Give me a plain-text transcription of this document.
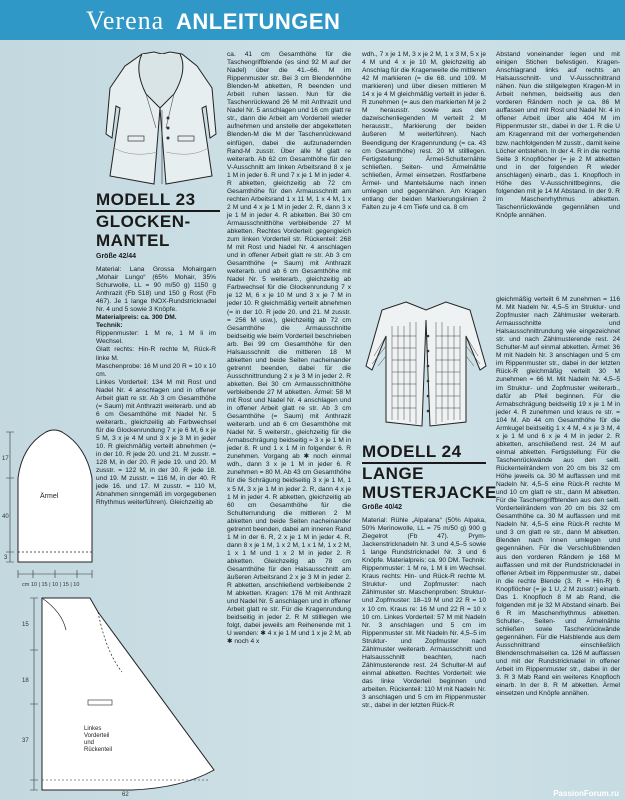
Verena ANLEITUNGEN
MODELL 23
GLOCKEN-
MANTEL
Größe 42/44

Material: Lana Grossa Mohairgarn „Mohair Lungo“ (65% Mohair, 35% Schurwolle, LL = 90 m/50 g) 1150 g Anthrazit (Fb 518) und 150 g Rost (Fb 467). Je 1 lange INOX-Rundstricknadel Nr. 4 und 5 sowie 3 Knöpfe.

Materialpreis: ca. 300 DM.

Technik:

Rippenmuster: 1 M re, 1 M li im Wechsel.

Glatt rechts: Hin-R rechte M, Rück-R linke M.

Maschenprobe: 16 M und 20 R = 10 x 10 cm.

Linkes Vorderteil: 134 M mit Rost und Nadel Nr. 4 anschlagen und in offener Arbeit glatt re str. Ab 3 cm Gesamthöhe (= Saum) mit Anthrazit weiterarb. und ab 6 cm Gesamthöhe mit Nadel Nr. 5 weiterarb., gleichzeitig ab Farbwechsel für die Glockenrundung 7 x je 6 M, 6 x je 5 M, 3 x je 4 M und 3 x je 3 M in jeder 10. R gleichmäßig verteilt abnehmen (= in der 10. R jede 20. und 21. M zusstr. = 128 M, in der 20. R jede 19. und 20. M zusstr. = 122 M, in der 30. R jede 18. und 19. M zusstr. = 116 M, in der 40. R jede 16. und 17. M zusstr. = 110 M, Abnahmen sinngemäß im vorgegebenen Rhythmus weiterführen). Gleichzeitig ab

ca. 41 cm Gesamthöhe für die Taschengriffblende (es sind 92 M auf der Nadel) über die 41.–66. M im Rippenmuster str. Bei 3 cm Blendenhöhe Blenden-M abketten, R beenden und Arbeit ruhen lassen. Nun für die Taschenrückwand 26 M mit Anthrazit und Nadel Nr. 5 anschlagen und 16 cm glatt re str., dann die Arbeit am Vorderteil wieder aufnehmen und anstelle der abgeketteten Blenden-M die M der Taschenrückwand einfügen, dabei die aufzunadernden Rand-M zusstr. Über alle M glatt re weiterarb. Ab 62 cm Gesamthöhe für den V-Ausschnitt am linken Arbeitsrand 8 x je 1 M in jeder 6. R und 7 x je 1 M in jeder 4. R abketten, gleichzeitig ab 72 cm Gesamthöhe für den Armausschnitt am rechten Arbeitsrand 1 x 11 M, 1 x 4 M, 1 x 2 M und 4 x je 1 M in jeder 2. R, dann 3 x je 1 M in jeder 4. R abketten. Bei 30 cm Armausschnitthöhe verbleibende 27 M abketten. Rechtes Vorderteil: gegengleich zum linken Vorderteil str. Rückenteil: 268 M mit Rost und Nadel Nr. 4 anschlagen und in offener Arbeit glatt re str. Ab 3 cm Gesamthöhe (= Saum) mit Anthrazit weiterarb. und ab 6 cm Gesamthöhe mit Nadel Nr. 5 weiterarb., gleichzeitig ab Farbwechsel für die Glockenrundung 7 x je 12 M, 6 x je 10 M und 3 x je 7 M in jeder 10. R gleichmäßig verteilt abnehmen (= in der 10. R jede 20. und 21. M zusstr. = 256 M usw.), gleichzeitig ab 72 cm Gesamthöhe die Armausschnitte beidseitig wie beim Vorderteil beschrieben arb. Bei 99 cm Gesamthöhe für den Halsausschnitt die mittleren 18 M abketten und beide Seiten nacheinander getrennt beenden, dabei für die Ausschnittrundung 2 x je 3 M in jeder 2. R abketten. Bei 30 cm Armausschnitthöhe verbleibende 27 M abketten. Ärmel: 58 M mit Rost und Nadel Nr. 4 anschlagen und in offener Arbeit glatt re str. Ab 3 cm Gesamthöhe (= Saum) mit Anthrazit weiterarb. und ab 6 cm Gesamthöhe mit Nadel Nr. 5 weiterstr., gleichzeitig für die Armabschrägung beidseitig ≈ 3 x je 1 M in jeder 8. R und 1 x 1 M in folgender 6. R zunehmen. Vorgang ab ✱ noch einmal wdh., dann 3 x je 1 M in jeder 6. R zunehmen = 80 M. Ab 43 cm Gesamthöhe für die Schrägung beidseitig 3 x je 1 M, 1 x 5 M, 3 x je 1 M in jeder 2. R, dann 4 x je 1 M in jeder 4. R abketten, gleichzeitig ab 60 cm Gesamthöhe für die Schulterrundung die mittleren 2 M abketten und beide Seiten nacheinander getrennt beenden, dabei am inneren Rand 1 M in der 6. R, 2 x je 1 M in jeder 4. R, dann 8 x je 1 M, 1 x 2 M, 1 x 1 M, 1 x 2 M, 1 x 1 M und 1 x 2 M in jeder 2. R abketten. Gleichzeitig ab 78 cm Gesamthöhe für den Halsausschnitt am äußeren Arbeitsrand 2 x je 3 M in jeder 2. R abketten, anschließend verbleibende 2 M abketten. Kragen: 176 M mit Anthrazit und Nadel Nr. 5 anschlagen und in offener Arbeit glatt re str. Für die Kragenrundung beidseitig in jeder 2. R M stilllegen wie folgt, dabei jeweils am Reihenende mit 1 U wenden: ✱ 4 x je 1 M und 1 x je 2 M, ab ✱ noch 4 x

wdh., 7 x je 1 M, 3 x je 2 M, 1 x 3 M, 5 x je 4 M und 4 x je 10 M, gleichzeitig ab Anschlag für die Kragenweite die mittleren 42 M markieren (= die 68. und 109. M markieren) und über diesen mittleren M 14 x je 4 M gleichmäßig verteilt in jeder 6. R zunehmen (= aus den markierten M je 2 M herausstr. sowie aus den dazwischenliegenden M verteilt 2 M herausstr., Markierung der beiden äußeren M weiterführen). Nach Beendigung der Kragenrundung (= ca. 43 cm Gesamthöhe) rest. 20 M stilllegen. Fertigstellung: Ärmel-Schulternähte schließen. Seiten- und Ärmelnähte schließen, Ärmel einsetzen. Rostfarbene Ärmel- und Mantelsäume nach innen umlegen und gegennähen. Am Kragen entlang der beiden Markierungslinien 2 Falten zu je 4 cm Tiefe und ca. 8 cm

Abstand voneinander legen und mit einigen Stichen befestigen. Kragen-Anschlagrand links auf rechts an Halsausschnitt- und V-Ausschnittrand nähen. Nun die stillgelegten Kragen-M in Arbeit nehmen, beidseitig aus den vorderen Rändern noch je ca. 86 M auffassen und mit Rost und Nadel Nr. 4 in offener Arbeit über alle 404 M im Rippenmuster str., dabei in der 1. R die U am Kragenrand mit der vorhergehenden bzw. nachfolgenden M zusstr., damit keine Löcher entstehen. In der 4. R in die rechte Seite 3 Knopflöcher (= je 2 M abketten und in der folgenden R wieder anschlagen) einarb., das 1. Knopfloch in Höhe des V-Ausschnittbeginns, die folgenden mit je 14 M Abstand. In der 9. R im Maschenrhythmus abketten. Taschenrückwände gegennähen und Knöpfe annähen.

MODELL 24
LANGE
MUSTERJACKE
Größe 40/42

Material: Rühle „Alpalana“ (50% Alpaka, 50% Merinowolle, LL = 75 m/50 g) 900 g Ziegelrot (Fb 47). Prym-Jackenstricknadeln Nr. 3 und 4,5–5 sowie 1 lange Rundstricknadel Nr. 3 und 6 Knöpfe. Materialpreis: ca. 90 DM. Technik: Rippenmuster: 1 M re, 1 M li im Wechsel. Kraus rechts: Hin- und Rück-R rechte M. Struktur- und Zopfmuster: nach Zählmuster str. Maschenproben: Struktur- und Zopfmuster: 18–19 M und 22 R = 10 x 10 cm. Kraus re: 16 M und 22 R = 10 x 10 cm. Linkes Vorderteil: 57 M mit Nadeln Nr. 3 anschlagen und 5 cm im Rippenmuster str. Mit Nadeln Nr. 4,5–5 im Struktur- und Zopfmuster nach Zählmuster weiterarb. Armausschnitt und Halsausschnitt beachten, nach Zählmusterende rest. 24 Schulter-M auf einmal abketten. Rechtes Vorderteil: wie das linke Vorderteil beginnen und arbeiten. Rückenteil: 110 M mit Nadeln Nr. 3 anschlagen und 5 cm im Rippenmuster str., dabei in der letzten Rück-R

gleichmäßig verteilt 6 M zunehmen = 116 M. Mit Nadeln Nr. 4,5–5 im Struktur- und Zopfmuster nach Zählmuster weiterarb. Armausschnitte und Halsausschnittrundung wie eingezeichnet str. und nach Zählmusterende rest. 24 Schulter-M auf einmal abketten. Ärmel: 36 M mit Nadeln Nr. 3 anschlagen und 5 cm im Rippenmuster str., dabei in der letzten Rück-R gleichmäßig verteilt 30 M zunehmen = 66 M. Mit Nadeln Nr. 4,5–5 im Struktur- und Zopfmuster weiterarb., dafür ab Pfeil beginnen. Für die Armabschrägung beidseitig 19 x je 1 M in jeder 4. R zunehmen und kraus re str. = 104 M. Ab 44 cm Gesamthöhe für die Armkugel beidseitig 1 x 4 M, 4 x je 3 M, 4 x je 1 M und 6 x je 4 M in jeder 2. R abketten, anschließend rest. 24 M auf einmal abketten. Fertigstellung: Für die Taschenrückwände aus den seitl. Rückenteilrändern von 20 cm bis 32 cm Höhe jeweils ca. 30 M auffassen und mit Nadeln Nr. 4,5–5 eine Rück-R rechte M und 10 cm glatt re str., dann M abketten. Für die Taschengriffblenden aus den seitl. Vorderteilrändern von 20 cm bis 32 cm Gesamthöhe ca. 30 M auffassen und mit Nadeln Nr. 4,5–5 eine Rück-R rechte M und 3 cm glatt re str., dann M abketten. Blenden nach innen umlegen und gegennähen. Für die Verschlußblenden aus den vorderen Rändern je 168 M auffassen und mit der Rundstricknadel in offener Arbeit im Rippenmuster str., dabei in die rechte Blende (3. R = Hin-R) 6 Knopflöcher (= je 1 U, 2 M zusstr.) einarb. Das 1. Knopfloch 8 M ab Rand, die folgenden mit je 32 M Abstand einarb. Bei 6 R im Maschenrhythmus abketten. Schulter-, Seiten- und Ärmelnähte schließen sowie Taschenrückwände gegennähen. Für die Halsblende aus dem Ausschnittrand einschließlich Blendenschmalseiten ca. 126 M auffassen und mit der Rundstricknadel in offener Arbeit im Rippenmuster str., dabei in der 3. R 3 Mab Rand ein weiteres Knopfloch einarb. In der 8. R M abketten. Ärmel einsetzen und Knöpfe annähen.

Ärmel
17
40
3
cm 10 | 15 | 10 | 15 | 10
Linkes
Vorderteil
und
Rückenteil
15
18
37
62	PassionForum.ru
